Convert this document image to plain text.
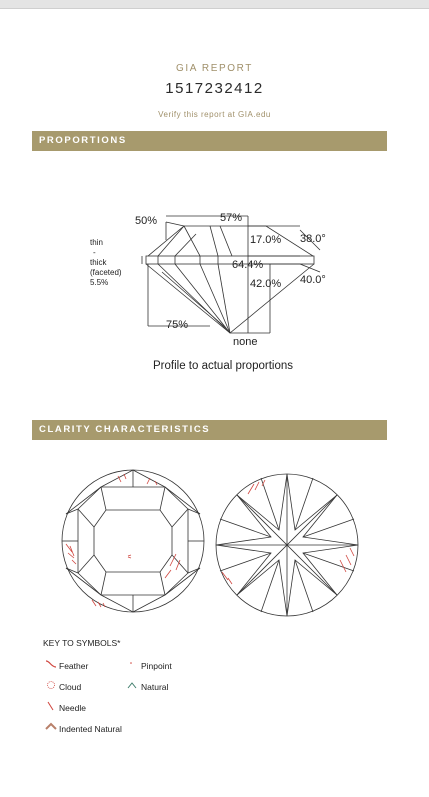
GIA REPORT
1517232412
Verify this report at GIA.edu
PROPORTIONS
50%	57%
17.0% 38.0°
64.4%
42.0% 40.0°
75%
none
thin
-
thick
(faceted)
5.5%
Profile to actual proportions
CLARITY CHARACTERISTICS
KEY TO SYMBOLS*
Feather	Pinpoint
Cloud	Natural
Needle
Indented Natural
